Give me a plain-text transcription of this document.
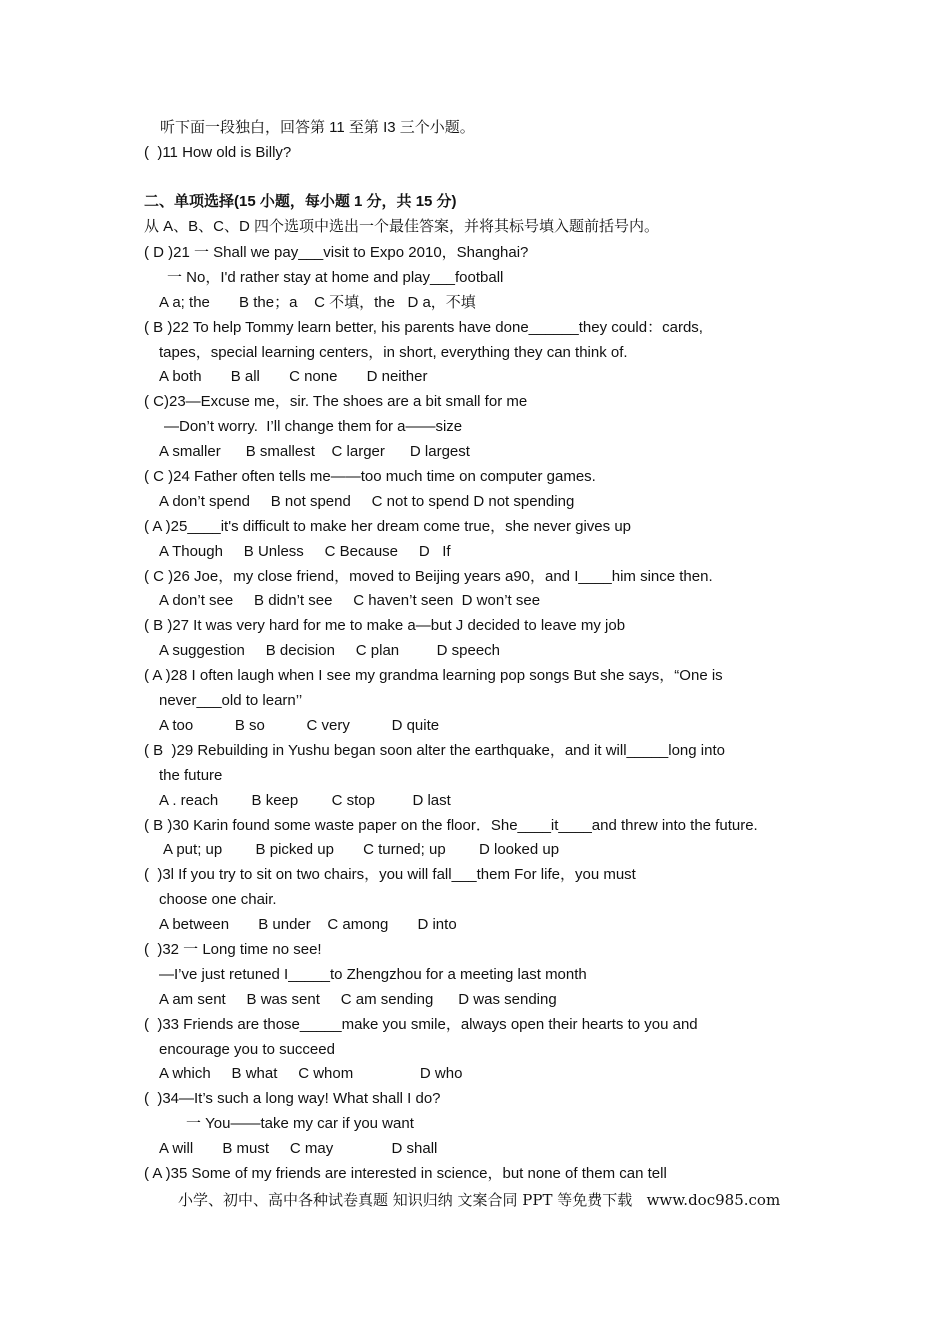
听下面一段独白，回答第 11 至第 I3 三个小题。
(  )11 How old is Billy?
二、单项选择(15 小题，每小题 1 分，共 15 分)
从 A、B、C、D 四个选项中选出一个最佳答案，并将其标号填入题前括号内。
( D )21 一 Shall we pay___visit to Expo 2010，Shanghai?
一 No，I'd rather stay at home and play___football
A a; the       B the；a    C 不填，the   D a，不填
( B )22 To help Tommy learn better, his parents have done______they could：cards,
tapes，special learning centers，in short, everything they can think of.
A both       B all       C none       D neither
( C)23—Excuse me，sir. The shoes are a bit small for me
—Don’t worry.  I’ll change them for a——size
A smaller      B smallest    C larger      D largest
( C )24 Father often tells me——too much time on computer games.
A don’t spend     B not spend     C not to spend D not spending
( A )25____it's difficult to make her dream come true，she never gives up
A Though     B Unless     C Because     D   If
( C )26 Joe，my close friend，moved to Beijing years a90，and I____him since then.
A don’t see     B didn’t see     C haven’t seen  D won’t see
( B )27 It was very hard for me to make a—but J decided to leave my job
A suggestion     B decision     C plan         D speech
( A )28 I often laugh when I see my grandma learning pop songs But she says，“One is
never___old to learn’’
A too          B so          C very          D quite
( B  )29 Rebuilding in Yushu began soon alter the earthquake，and it will_____long into
the future
A . reach        B keep        C stop         D last
( B )30 Karin found some waste paper on the floor．She____it____and threw into the future.
A put; up        B picked up       C turned; up        D looked up
(  )3l If you try to sit on two chairs，you will fall___them For life，you must
choose one chair.
A between       B under    C among       D into
(  )32 一 Long time no see!
—I’ve just retuned I_____to Zhengzhou for a meeting last month
A am sent     B was sent     C am sending      D was sending
(  )33 Friends are those_____make you smile，always open their hearts to you and
encourage you to succeed
A which     B what     C whom                D who
(  )34—It’s such a long way! What shall I do?
一 You——take my car if you want
A will       B must     C may              D shall
( A )35 Some of my friends are interested in science，but none of them can tell
小学、初中、高中各种试卷真题 知识归纳 文案合同 PPT 等免费下载   www.doc985.com
